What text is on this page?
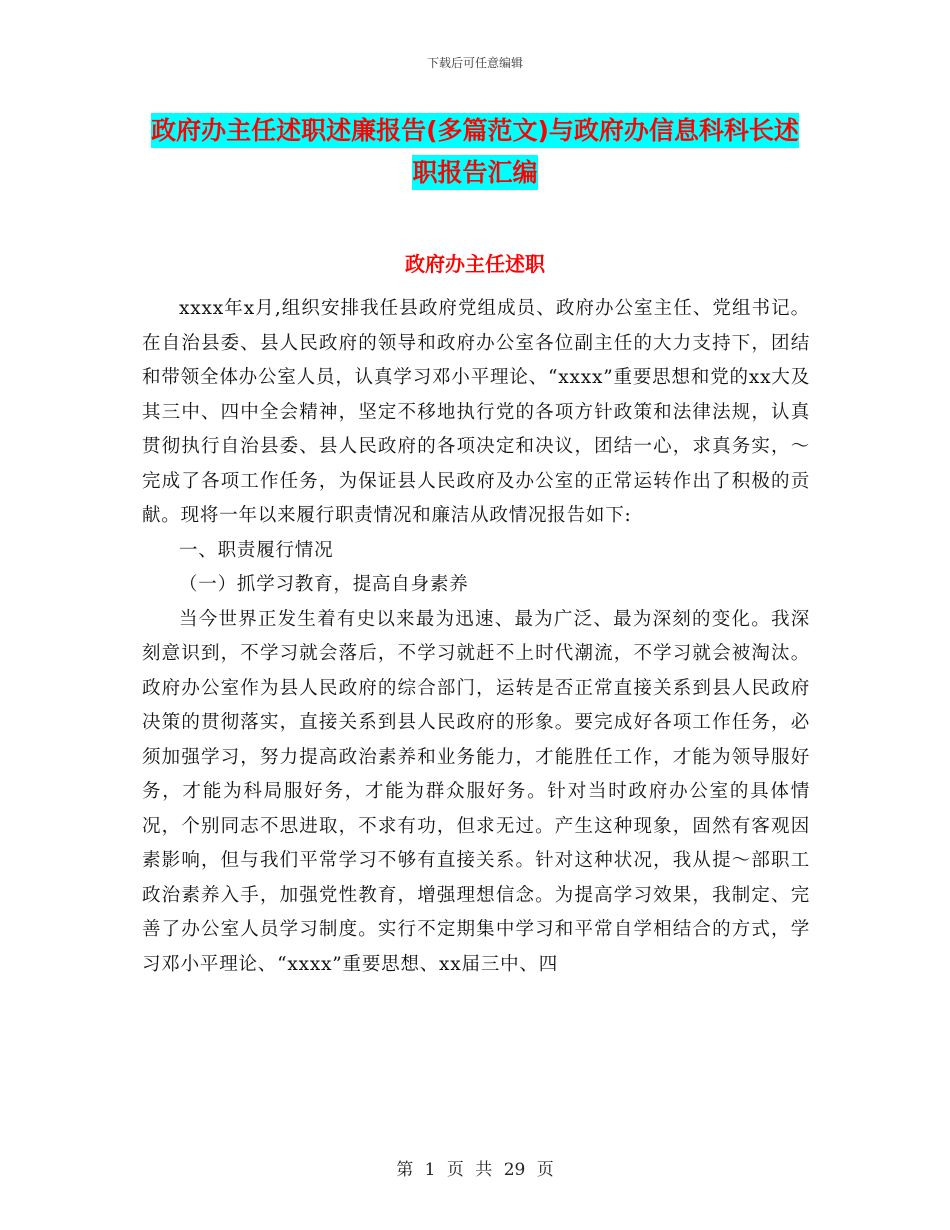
下载后可任意编辑
政府办主任述职述廉报告(多篇范文)与政府办信息科科长述职报告汇编
政府办主任述职

xxxx年x月,组织安排我任县政府党组成员、政府办公室主任、党组书记。在自治县委、县人民政府的领导和政府办公室各位副主任的大力支持下，团结和带领全体办公室人员，认真学习邓小平理论、“xxxx”重要思想和党的xx大及其三中、四中全会精神，坚定不移地执行党的各项方针政策和法律法规，认真贯彻执行自治县委、县人民政府的各项决定和决议，团结一心，求真务实，～完成了各项工作任务，为保证县人民政府及办公室的正常运转作出了积极的贡献。现将一年以来履行职责情况和廉洁从政情况报告如下:

一、职责履行情况

（一）抓学习教育，提高自身素养

当今世界正发生着有史以来最为迅速、最为广泛、最为深刻的变化。我深刻意识到，不学习就会落后，不学习就赶不上时代潮流，不学习就会被淘汰。政府办公室作为县人民政府的综合部门，运转是否正常直接关系到县人民政府决策的贯彻落实，直接关系到县人民政府的形象。要完成好各项工作任务，必须加强学习，努力提高政治素养和业务能力，才能胜任工作，才能为领导服好务，才能为科局服好务，才能为群众服好务。针对当时政府办公室的具体情况，个别同志不思进取，不求有功，但求无过。产生这种现象，固然有客观因素影响，但与我们平常学习不够有直接关系。针对这种状况，我从提～部职工政治素养入手，加强党性教育，增强理想信念。为提高学习效果，我制定、完善了办公室人员学习制度。实行不定期集中学习和平常自学相结合的方式，学习邓小平理论、“xxxx”重要思想、xx届三中、四

第 1 页 共 29 页
